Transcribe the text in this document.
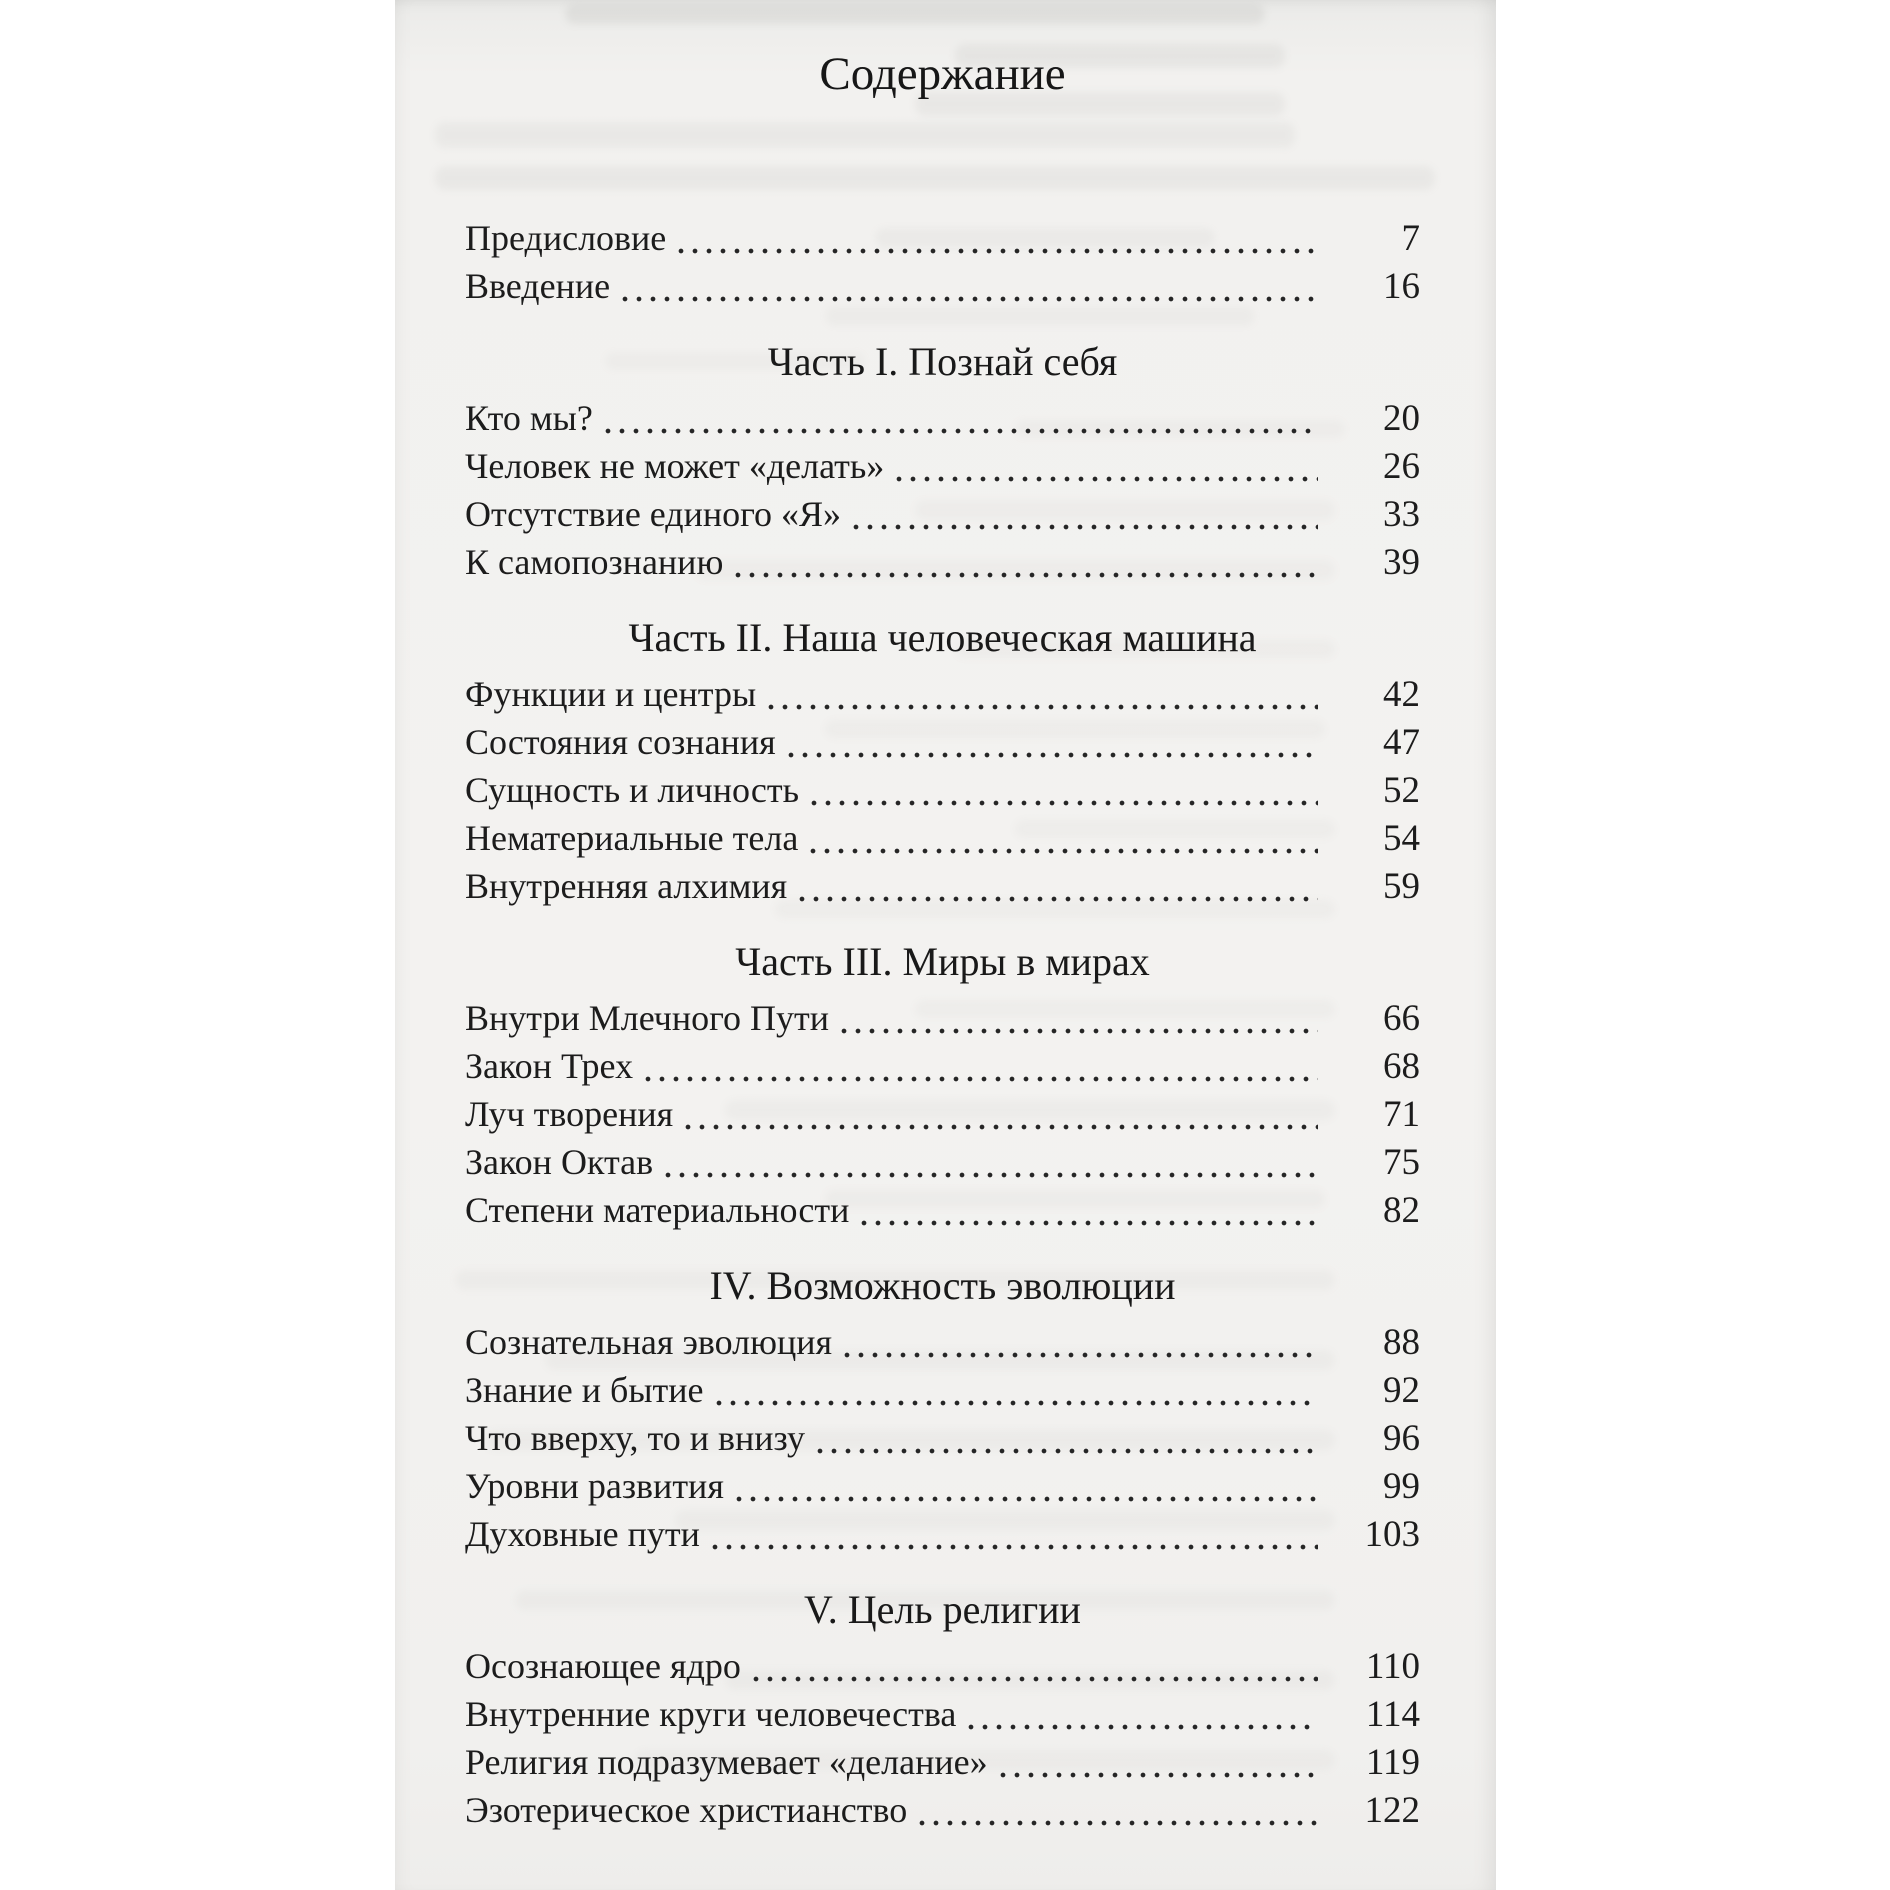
Содержание
Предисловие	7
Введение	16
Часть I. Познай себя
Кто мы?	20
Человек не может «делать»	26
Отсутствие единого «Я»	33
К самопознанию	39
Часть II. Наша человеческая машина
Функции и центры	42
Состояния сознания	47
Сущность и личность	52
Нематериальные тела	54
Внутренняя алхимия	59
Часть III. Миры в мирах
Внутри Млечного Пути	66
Закон Трех	68
Луч творения	71
Закон Октав	75
Степени материальности	82
IV. Возможность эволюции
Сознательная эволюция	88
Знание и бытие	92
Что вверху, то и внизу	96
Уровни развития	99
Духовные пути	103
V. Цель религии
Осознающее ядро	110
Внутренние круги человечества	114
Религия подразумевает «делание»	119
Эзотерическое христианство	122
